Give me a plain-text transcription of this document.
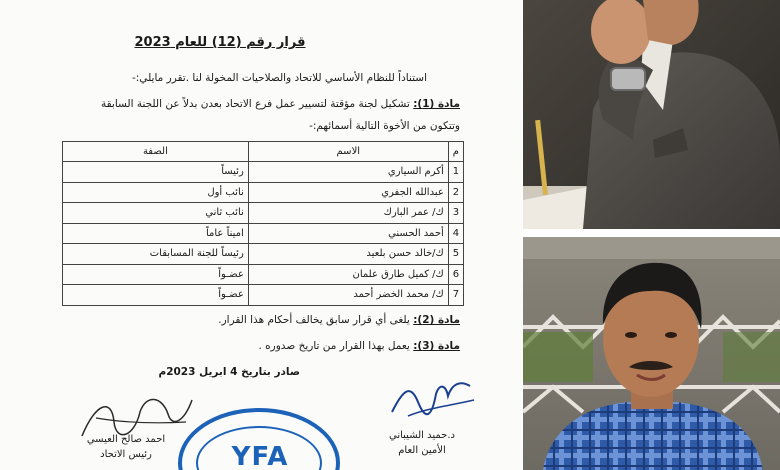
قرار رقم (12) للعام 2023
استناداً للنظام الأساسي للاتحاد والصلاحيات المخولة لنا .تقرر مايلي:-
مادة (1): تشكيل لجنة مؤقتة لتسيير عمل فرع الاتحاد بعدن بدلاً عن اللجنة السابقة
وتتكون من الأخوة التالية أسمائهم:-
م	الاسم	الصفة
1	أكرم السياري	رئيساً
2	عبدالله الجفري	نائب أول
3	ك/ عمر البارك	نائب ثاني
4	أحمد الحسني	اميناً عاماً
5	ك/خالد حسن بلعيد	رئيساً للجنة المسابقات
6	ك/ كميل طارق علمان	عضـواً
7	ك/ محمد الخضر أحمد	عضـواً
مادة (2): يلغى أي قرار سابق يخالف أحكام هذا القرار.
مادة (3): يعمل بهذا القرار من تاريخ صدوره .
صادر بتاريخ 4 ابريل 2023م
د.حميد الشيباني
الأمين العام
احمد صالح العيسي
رئيس الاتحاد	YFA
